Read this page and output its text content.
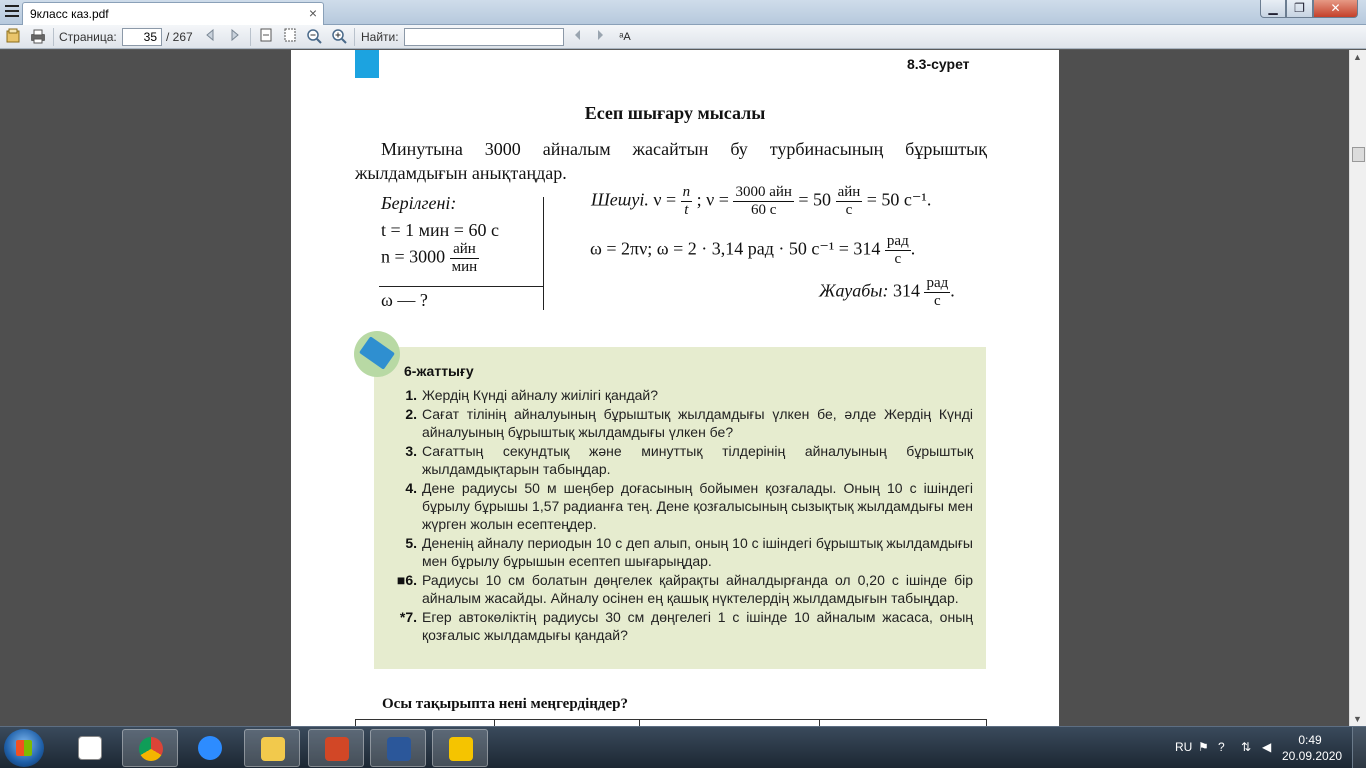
9класс каз.pdf	×	▁	❐	✕
Страница:	35 / 267	Найти:	ᵃA
▲
▼
8.3-сурет
Есеп шығару мысалы
Минутына 3000 айналым жасайтын бу турбинасының бұрыштық жылдамдығын анықтаңдар.
Берілгені:
t = 1 мин = 60 с
$n = 3000 \frac{\text{айн}}{\text{мин}}$
ω — ?
Шешуі. $\nu = \frac{n}{t}$ ; $\nu = \frac{\text{3000 айн}}{60 с} = 50 \frac{\text{айн}}{с} = 50$ с⁻¹.
ω = 2πν; ω = 2 · 3,14 рад · 50 $с^{-1} = 314 \frac{\text{рад}}{с}$ .
Жауабы: $314 \frac{\text{рад}}{с}$ .
6-жаттығу
1. Жердің Күнді айналу жиілігі қандай?
2. Сағат тілінің айналуының бұрыштық жылдамдығы үлкен бе, әлде Жердің Күнді айналуының бұрыштық жылдамдығы үлкен бе?
3. Сағаттың секундтық және минуттық тілдерінің айналуының бұрыштық жылдамдықтарын табыңдар.
4. Дене радиусы 50 м шеңбер доғасының бойымен қозғалады. Оның 10 с ішіндегі бұрылу бұрышы 1,57 радианға тең. Дене қозғалысының сызықтық жылдамдығы мен жүрген жолын есептеңдер.
5. Дененің айналу периодын 10 с деп алып, оның 10 с ішіндегі бұрыштық жылдамдығы мен бұрылу бұрышын есептеп шығарыңдар.
■6. Радиусы 10 см болатын дөңгелек қайрақты айналдырғанда ол 0,20 с ішінде бір айналым жасайды. Айналу осінен ең қашық нүктелердің жылдамдығын табыңдар.
*7. Егер автокөліктің радиусы 30 см дөңгелегі 1 с ішінде 10 айналым жасаса, оның қозғалыс жылдамдығы қандай?
Осы тақырыпта нені меңгердіңдер?
RU ⚑ ? ⇅ ◀	0:49
20.09.2020
